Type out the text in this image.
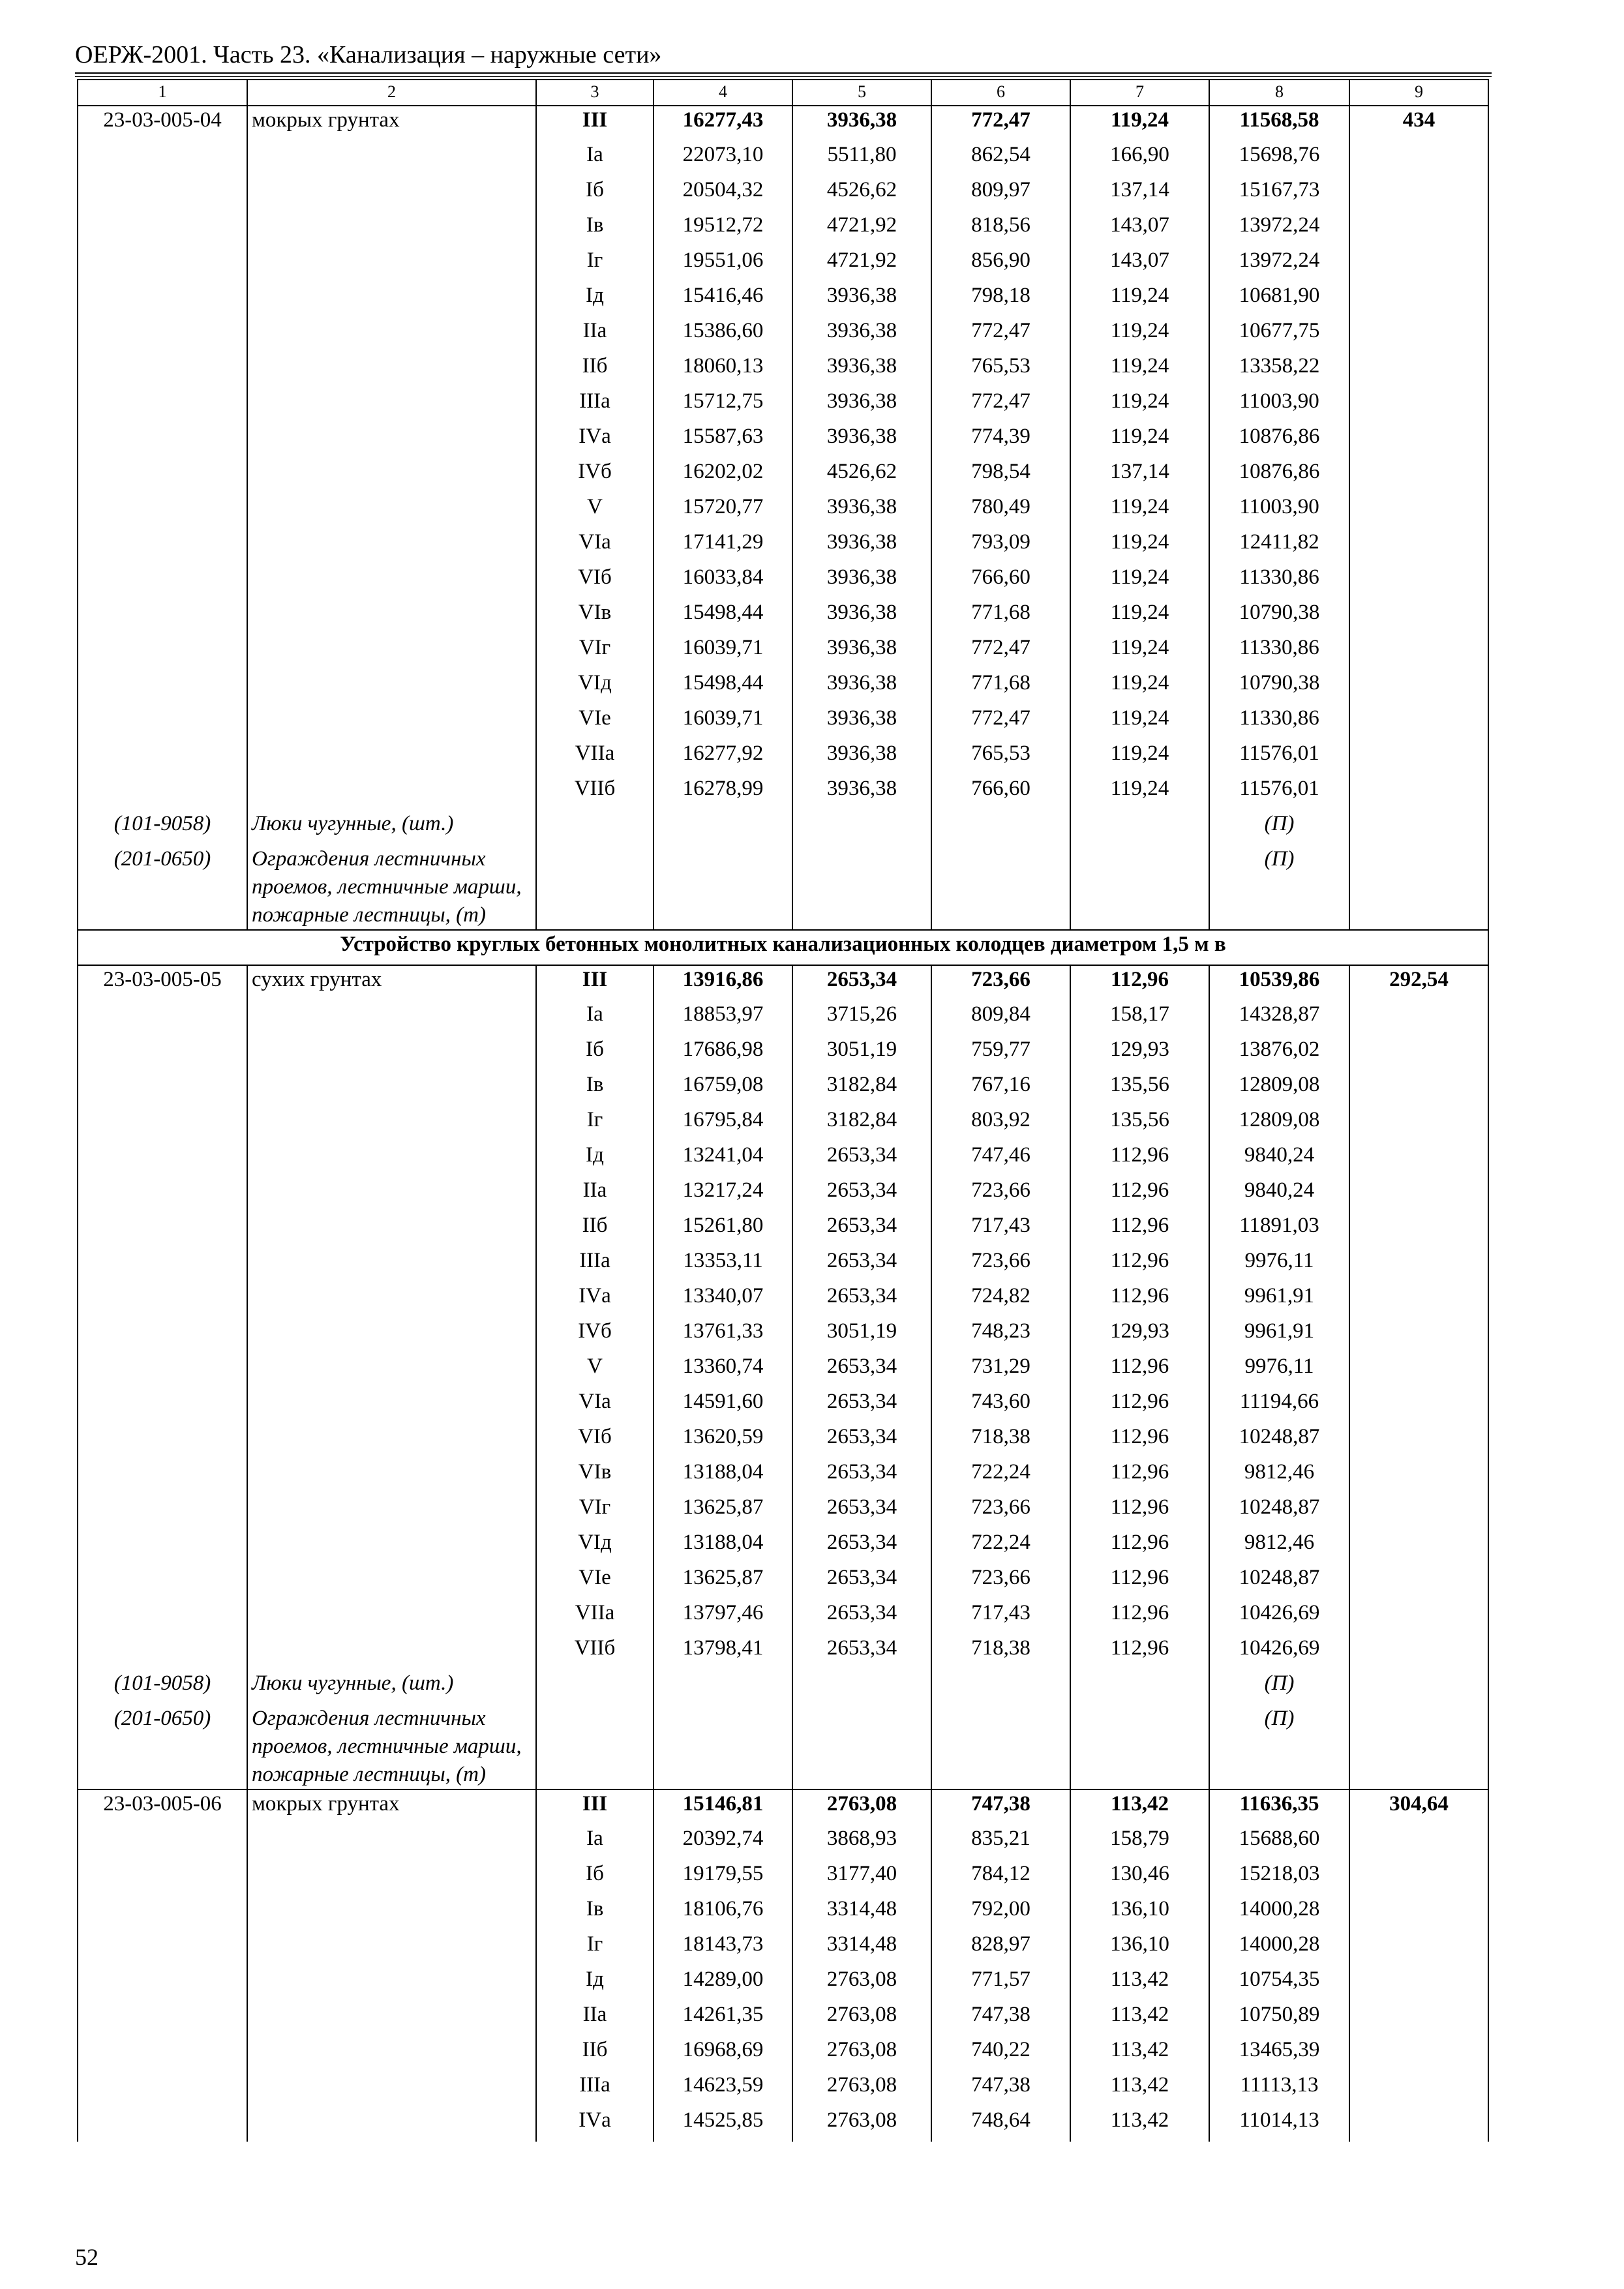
ОЕРЖ-2001. Часть 23. «Канализация – наружные сети»
1	2	3	4	5	6	7	8	9
23-03-005-04	мокрых грунтах	III	16277,43	3936,38	772,47	119,24	11568,58	434
		Iа	22073,10	5511,80	862,54	166,90	15698,76	
		Iб	20504,32	4526,62	809,97	137,14	15167,73	
		Iв	19512,72	4721,92	818,56	143,07	13972,24	
		Iг	19551,06	4721,92	856,90	143,07	13972,24	
		Iд	15416,46	3936,38	798,18	119,24	10681,90	
		IIа	15386,60	3936,38	772,47	119,24	10677,75	
		IIб	18060,13	3936,38	765,53	119,24	13358,22	
		IIIа	15712,75	3936,38	772,47	119,24	11003,90	
		IVа	15587,63	3936,38	774,39	119,24	10876,86	
		IVб	16202,02	4526,62	798,54	137,14	10876,86	
		V	15720,77	3936,38	780,49	119,24	11003,90	
		VIа	17141,29	3936,38	793,09	119,24	12411,82	
		VIб	16033,84	3936,38	766,60	119,24	11330,86	
		VIв	15498,44	3936,38	771,68	119,24	10790,38	
		VIг	16039,71	3936,38	772,47	119,24	11330,86	
		VIд	15498,44	3936,38	771,68	119,24	10790,38	
		VIе	16039,71	3936,38	772,47	119,24	11330,86	
		VIIа	16277,92	3936,38	765,53	119,24	11576,01	
		VIIб	16278,99	3936,38	766,60	119,24	11576,01	
(101-9058)	Люки чугунные, (шт.)						(П)	
(201-0650)	Ограждения лестничных проемов, лестничные марши, пожарные лестницы, (т)						(П)	
Устройство круглых бетонных монолитных канализационных колодцев диаметром 1,5 м в								
23-03-005-05	сухих грунтах	III	13916,86	2653,34	723,66	112,96	10539,86	292,54
		Iа	18853,97	3715,26	809,84	158,17	14328,87	
		Iб	17686,98	3051,19	759,77	129,93	13876,02	
		Iв	16759,08	3182,84	767,16	135,56	12809,08	
		Iг	16795,84	3182,84	803,92	135,56	12809,08	
		Iд	13241,04	2653,34	747,46	112,96	9840,24	
		IIа	13217,24	2653,34	723,66	112,96	9840,24	
		IIб	15261,80	2653,34	717,43	112,96	11891,03	
		IIIа	13353,11	2653,34	723,66	112,96	9976,11	
		IVа	13340,07	2653,34	724,82	112,96	9961,91	
		IVб	13761,33	3051,19	748,23	129,93	9961,91	
		V	13360,74	2653,34	731,29	112,96	9976,11	
		VIа	14591,60	2653,34	743,60	112,96	11194,66	
		VIб	13620,59	2653,34	718,38	112,96	10248,87	
		VIв	13188,04	2653,34	722,24	112,96	9812,46	
		VIг	13625,87	2653,34	723,66	112,96	10248,87	
		VIд	13188,04	2653,34	722,24	112,96	9812,46	
		VIе	13625,87	2653,34	723,66	112,96	10248,87	
		VIIа	13797,46	2653,34	717,43	112,96	10426,69	
		VIIб	13798,41	2653,34	718,38	112,96	10426,69	
(101-9058)	Люки чугунные, (шт.)						(П)	
(201-0650)	Ограждения лестничных проемов, лестничные марши, пожарные лестницы, (т)						(П)	
23-03-005-06	мокрых грунтах	III	15146,81	2763,08	747,38	113,42	11636,35	304,64
		Iа	20392,74	3868,93	835,21	158,79	15688,60	
		Iб	19179,55	3177,40	784,12	130,46	15218,03	
		Iв	18106,76	3314,48	792,00	136,10	14000,28	
		Iг	18143,73	3314,48	828,97	136,10	14000,28	
		Iд	14289,00	2763,08	771,57	113,42	10754,35	
		IIа	14261,35	2763,08	747,38	113,42	10750,89	
		IIб	16968,69	2763,08	740,22	113,42	13465,39	
		IIIа	14623,59	2763,08	747,38	113,42	11113,13	
		IVа	14525,85	2763,08	748,64	113,42	11014,13	
52
